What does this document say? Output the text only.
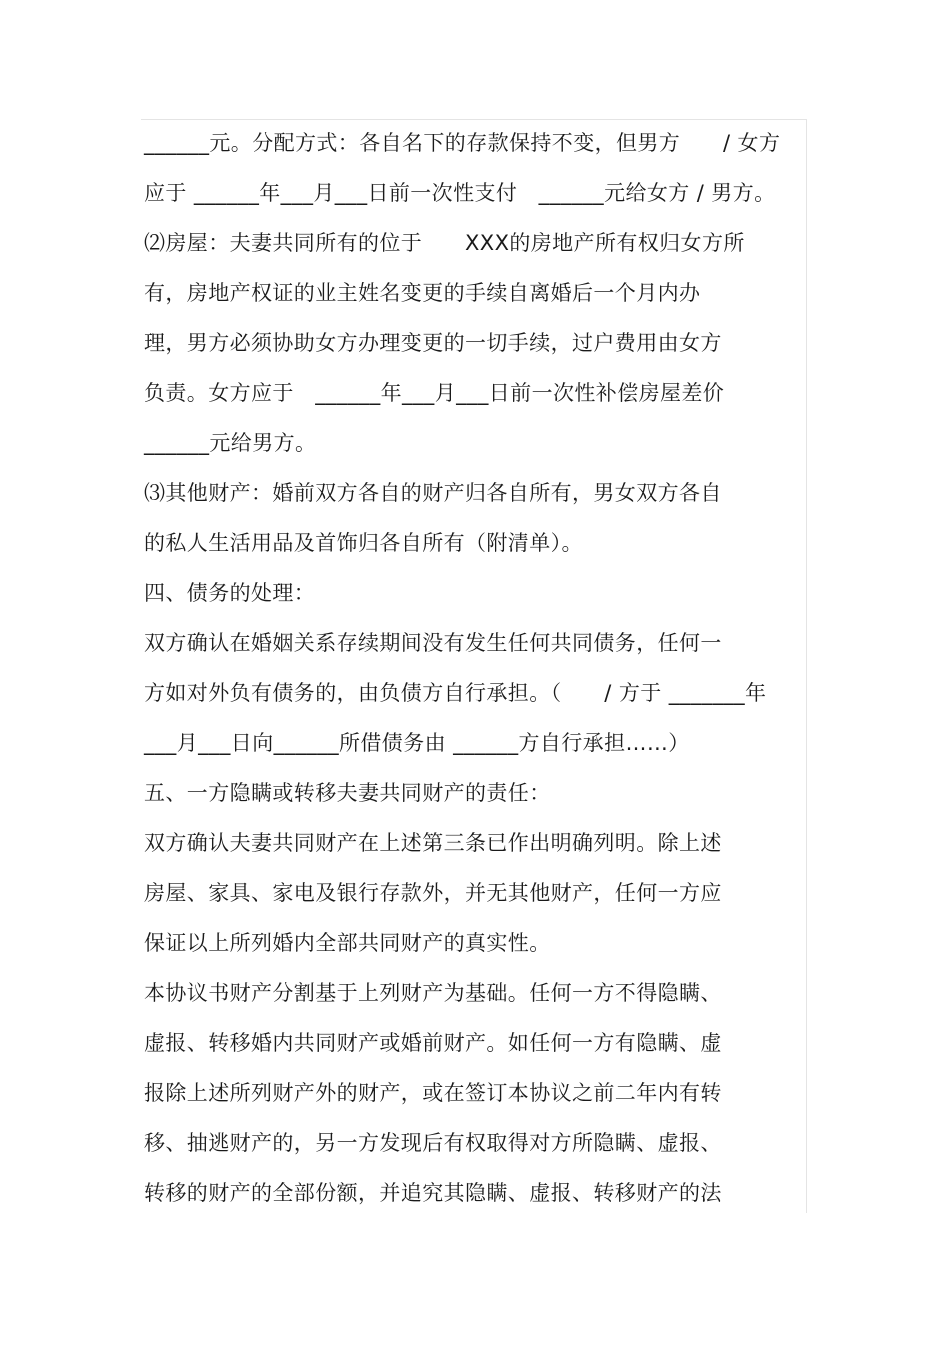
______元。分配方式：各自名下的存款保持不变，但男方　　/ 女方
应于 ______年___月___日前一次性支付　______元给女方 / 男方。
⑵房屋：夫妻共同所有的位于　　XXX的房地产所有权归女方所
有，房地产权证的业主姓名变更的手续自离婚后一个月内办
理，男方必须协助女方办理变更的一切手续，过户费用由女方
负责。女方应于　______年___月___日前一次性补偿房屋差价
______元给男方。
⑶其他财产：婚前双方各自的财产归各自所有，男女双方各自
的私人生活用品及首饰归各自所有（附清单）。
四、债务的处理：
双方确认在婚姻关系存续期间没有发生任何共同债务，任何一
方如对外负有债务的，由负债方自行承担。（　　/ 方于 _______年
___月___日向______所借债务由 ______方自行承担……）
五、一方隐瞒或转移夫妻共同财产的责任：
双方确认夫妻共同财产在上述第三条已作出明确列明。除上述
房屋、家具、家电及银行存款外，并无其他财产，任何一方应
保证以上所列婚内全部共同财产的真实性。
本协议书财产分割基于上列财产为基础。任何一方不得隐瞒、
虚报、转移婚内共同财产或婚前财产。如任何一方有隐瞒、虚
报除上述所列财产外的财产，或在签订本协议之前二年内有转
移、抽逃财产的，另一方发现后有权取得对方所隐瞒、虚报、
转移的财产的全部份额，并追究其隐瞒、虚报、转移财产的法
